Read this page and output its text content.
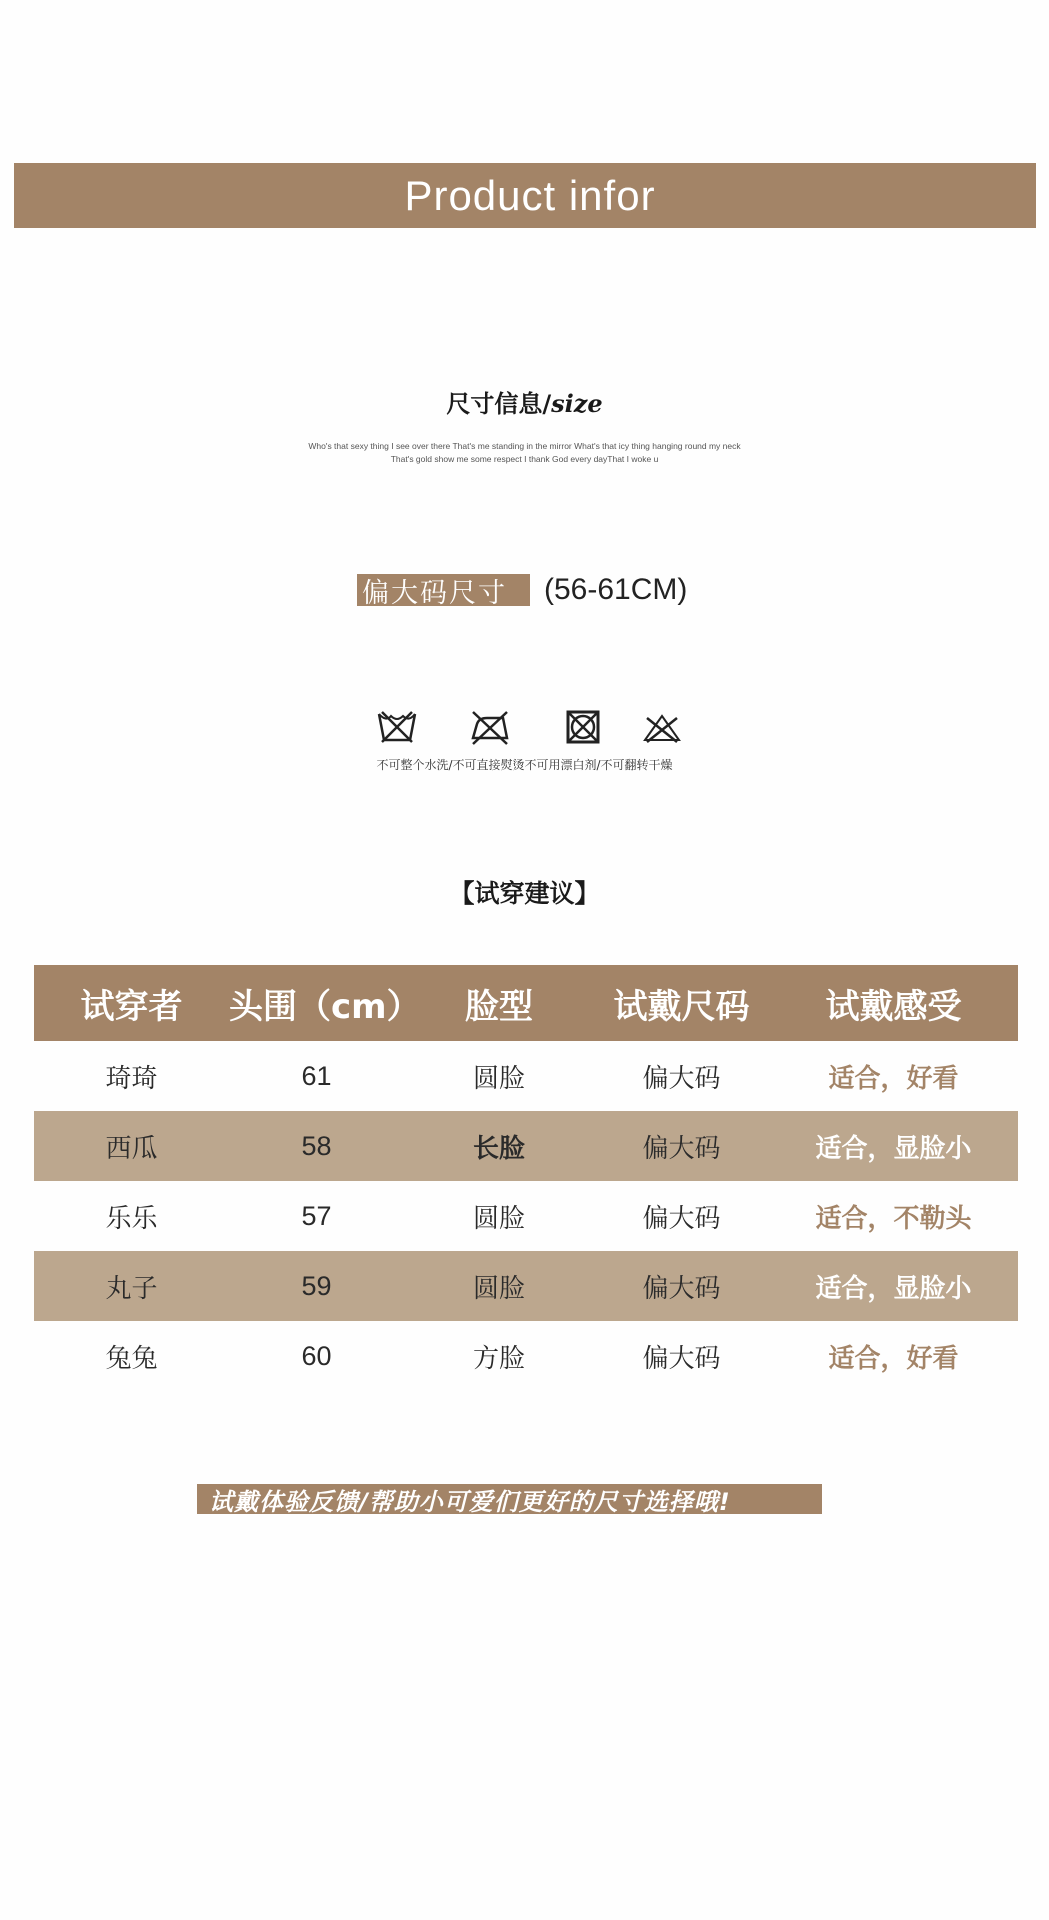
Product infor
尺寸信息/size
Who's that sexy thing I see over there That's me standing in the mirror What's that icy thing hanging round my neck
That's gold show me some respect I thank God every dayThat I woke u
偏大码尺寸	(56-61CM)
不可整个水洗/不可直接熨烫不可用漂白剂/不可翻转干燥
【试穿建议】
试穿者	头围（cm）	脸型	试戴尺码	试戴感受
琦琦	61	圆脸	偏大码	适合，好看
西瓜	58	长脸	偏大码	适合，显脸小
乐乐	57	圆脸	偏大码	适合，不勒头
丸子	59	圆脸	偏大码	适合，显脸小
兔兔	60	方脸	偏大码	适合，好看
试戴体验反馈/帮助小可爱们更好的尺寸选择哦!
